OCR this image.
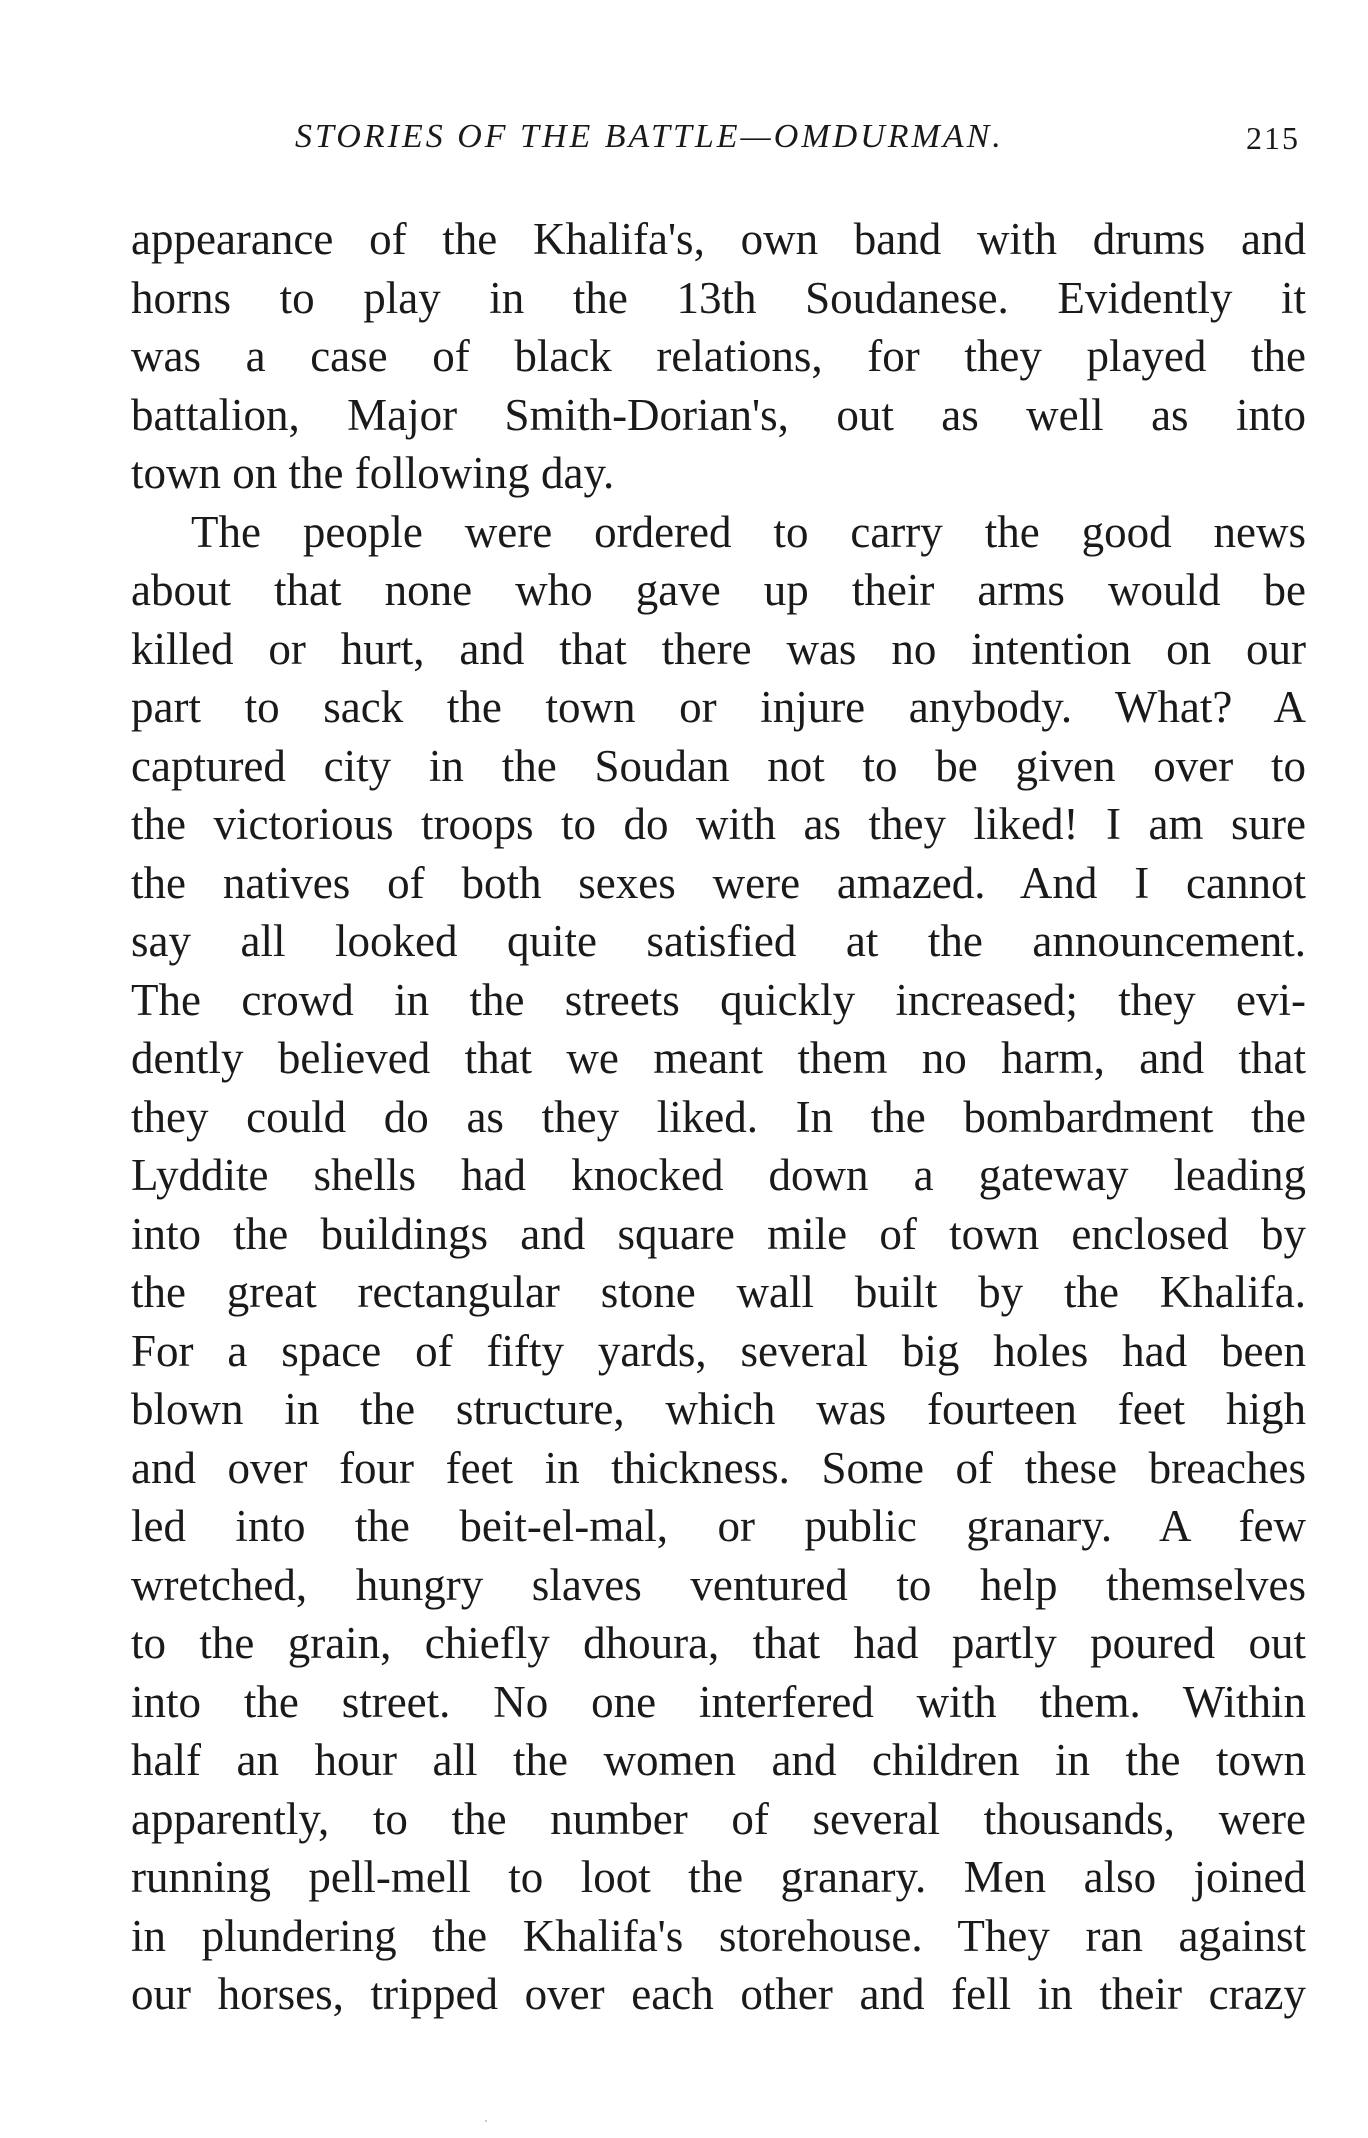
STORIES OF THE BATTLE—OMDURMAN.	215
appearance of the Khalifa's, own band with drums and
horns to play in the 13th Soudanese. Evidently it
was a case of black relations, for they played the
battalion, Major Smith-Dorian's, out as well as into
town on the following day.
The people were ordered to carry the good news
about that none who gave up their arms would be
killed or hurt, and that there was no intention on our
part to sack the town or injure anybody. What? A
captured city in the Soudan not to be given over to
the victorious troops to do with as they liked! I am sure
the natives of both sexes were amazed. And I cannot
say all looked quite satisfied at the announcement.
The crowd in the streets quickly increased; they evi-
dently believed that we meant them no harm, and that
they could do as they liked. In the bombardment the
Lyddite shells had knocked down a gateway leading
into the buildings and square mile of town enclosed by
the great rectangular stone wall built by the Khalifa.
For a space of fifty yards, several big holes had been
blown in the structure, which was fourteen feet high
and over four feet in thickness. Some of these breaches
led into the beit-el-mal, or public granary. A few
wretched, hungry slaves ventured to help themselves
to the grain, chiefly dhoura, that had partly poured out
into the street. No one interfered with them. Within
half an hour all the women and children in the town
apparently, to the number of several thousands, were
running pell-mell to loot the granary. Men also joined
in plundering the Khalifa's storehouse. They ran against
our horses, tripped over each other and fell in their crazy
